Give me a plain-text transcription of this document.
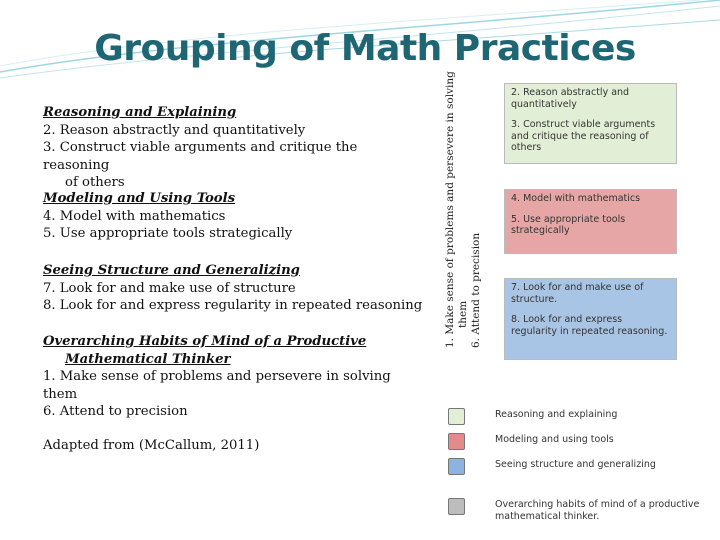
Grouping of Math Practices
Reasoning and Explaining
2. Reason abstractly and quantitatively
3. Construct viable arguments and critique the reasoning
of others
Modeling and Using Tools
4. Model with mathematics
5. Use appropriate tools strategically
Seeing Structure and Generalizing
7. Look for and make use of structure
8. Look for and express regularity in repeated reasoning
Overarching Habits of Mind of a Productive
Mathematical Thinker
1. Make sense of problems and persevere in solving them
6. Attend to precision
Adapted from (McCallum, 2011)
1. Make sense of problems and persevere in solving them 6. Attend to precision

2. Reason abstractly and quantitatively

3. Construct viable arguments and critique the reasoning of others

4. Model with mathematics

5. Use appropriate tools strategically

7. Look for and make use of structure.

8. Look for and express regularity in repeated reasoning.

Reasoning and explaining
Modeling and using tools
Seeing structure and generalizing
Overarching habits of mind of a productive mathematical thinker.
